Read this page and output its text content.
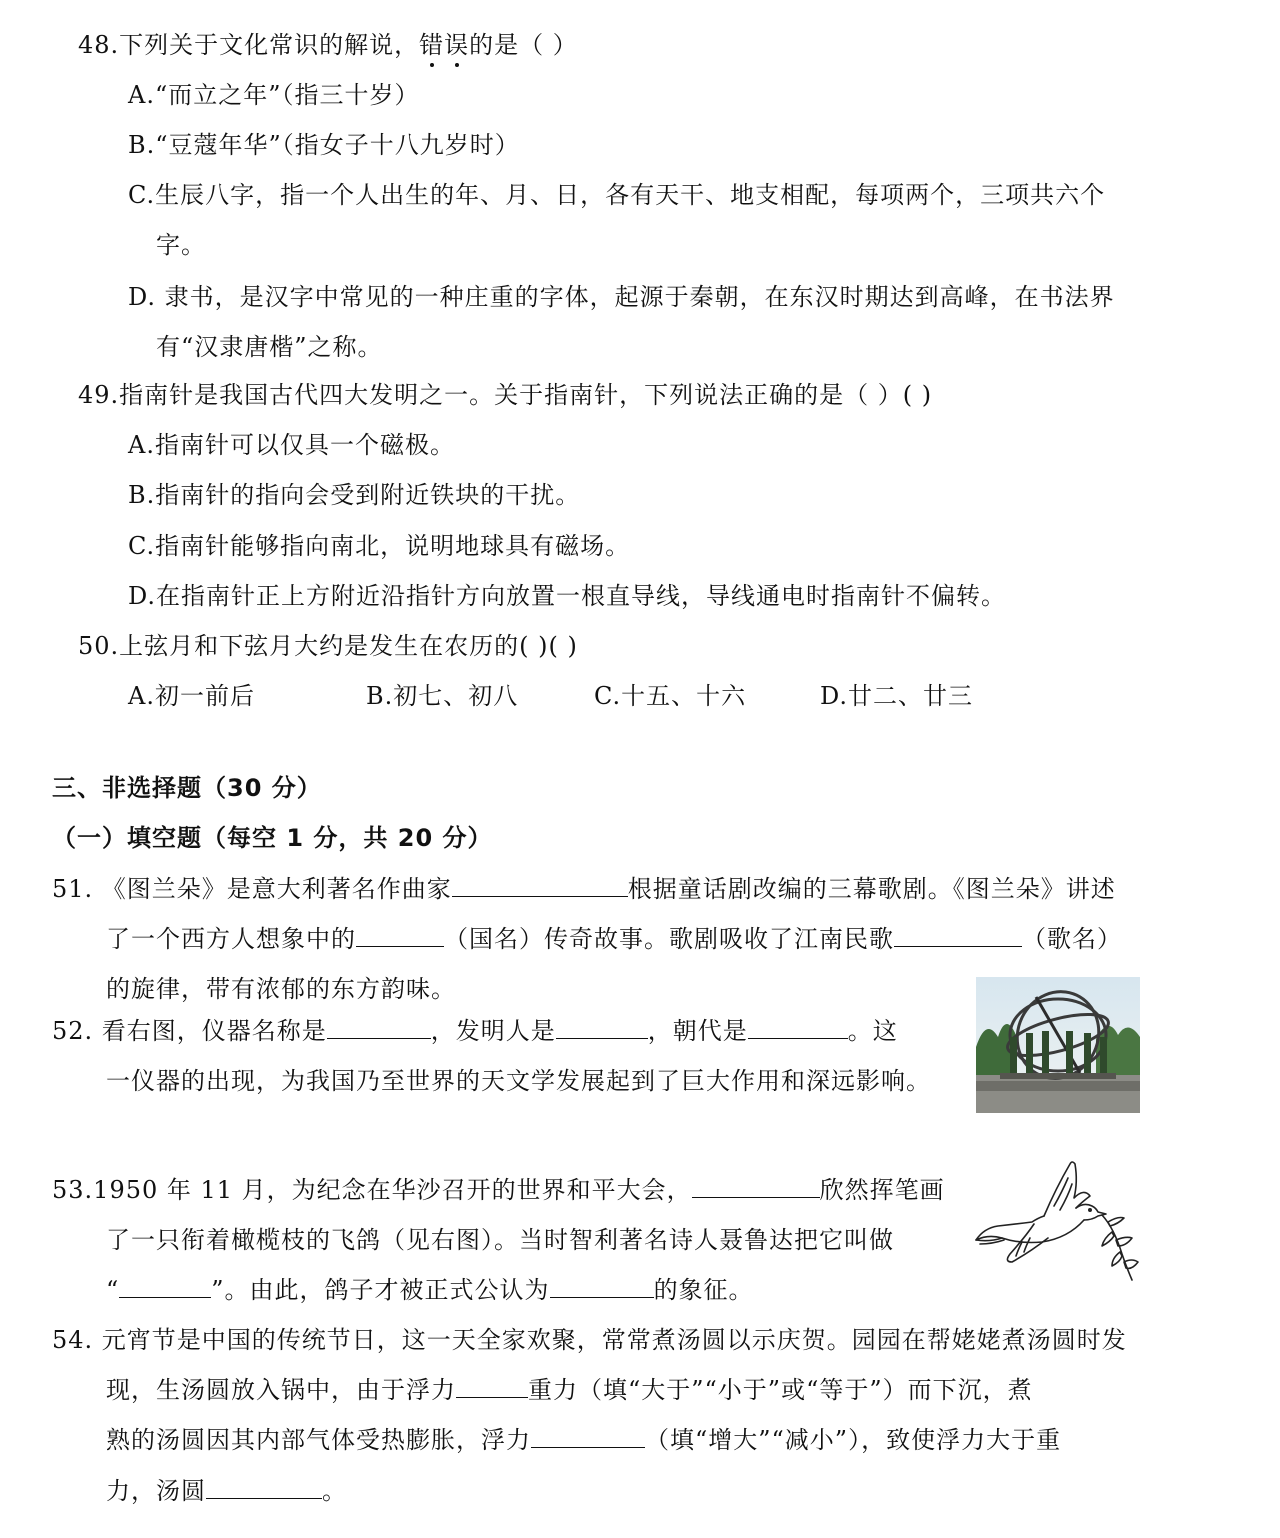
48.下列关于文化常识的解说，错误的是（ ）
A.“而立之年”（指三十岁）
B.“豆蔻年华”（指女子十八九岁时）
C.生辰八字，指一个人出生的年、月、日，各有天干、地支相配，每项两个，三项共六个
字。
D. 隶书，是汉字中常见的一种庄重的字体，起源于秦朝，在东汉时期达到高峰，在书法界
有“汉隶唐楷”之称。
49.指南针是我国古代四大发明之一。关于指南针，下列说法正确的是（ ）( )
A.指南针可以仅具一个磁极。
B.指南针的指向会受到附近铁块的干扰。
C.指南针能够指向南北，说明地球具有磁场。
D.在指南针正上方附近沿指针方向放置一根直导线，导线通电时指南针不偏转。
50.上弦月和下弦月大约是发生在农历的( )( )
A.初一前后	B.初七、初八	C.十五、十六	D.廿二、廿三
三、非选择题（30 分）
（一）填空题（每空 1 分，共 20 分）
51. 《图兰朵》是意大利著名作曲家	根据童话剧改编的三幕歌剧。《图兰朵》讲述
了一个西方人想象中的	（国名）传奇故事。歌剧吸收了江南民歌	（歌名）
的旋律，带有浓郁的东方韵味。
52. 看右图，仪器名称是	，发明人是	，朝代是	。这
一仪器的出现，为我国乃至世界的天文学发展起到了巨大作用和深远影响。
53.1950 年 11 月，为纪念在华沙召开的世界和平大会，	欣然挥笔画
了一只衔着橄榄枝的飞鸽（见右图）。当时智利著名诗人聂鲁达把它叫做
“	”。由此，鸽子才被正式公认为	的象征。
54. 元宵节是中国的传统节日，这一天全家欢聚，常常煮汤圆以示庆贺。园园在帮姥姥煮汤圆时发
现，生汤圆放入锅中，由于浮力	重力（填“大于”“小于”或“等于”）而下沉，煮
熟的汤圆因其内部气体受热膨胀，浮力	（填“增大”“减小”），致使浮力大于重
力，汤圆	。
